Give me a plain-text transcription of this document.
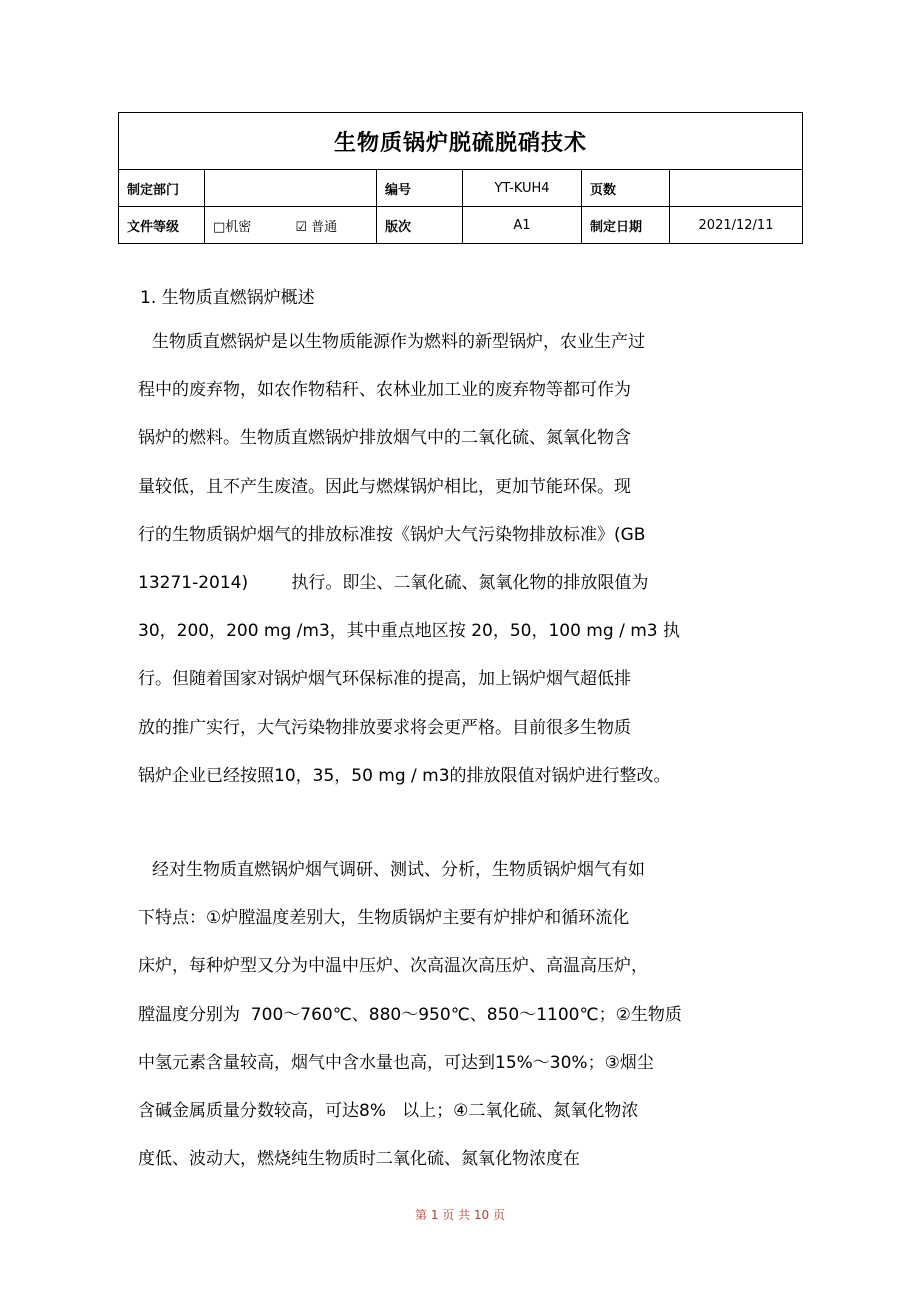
生物质锅炉脱硫脱硝技术					
制定部门		编号	YT-KUH4	页数	
文件等级	□机密 ☑ 普通	版次	A1	制定日期	2021/12/11
1. 生物质直燃锅炉概述
生物质直燃锅炉是以生物质能源作为燃料的新型锅炉，农业生产过
程中的废弃物，如农作物秸秆、农林业加工业的废弃物等都可作为
锅炉的燃料。生物质直燃锅炉排放烟气中的二氧化硫、氮氧化物含
量较低，且不产生废渣。因此与燃煤锅炉相比，更加节能环保。现
行的生物质锅炉烟气的排放标准按《锅炉大气污染物排放标准》(GB
13271-2014)        执行。即尘、二氧化硫、氮氧化物的排放限值为
30，200，200 mg /m3，其中重点地区按 20，50，100 mg / m3 执
行。但随着国家对锅炉烟气环保标准的提高，加上锅炉烟气超低排
放的推广实行，大气污染物排放要求将会更严格。目前很多生物质
锅炉企业已经按照10，35，50 mg / m3的排放限值对锅炉进行整改。
经对生物质直燃锅炉烟气调研、测试、分析，生物质锅炉烟气有如
下特点：①炉膛温度差别大，生物质锅炉主要有炉排炉和循环流化
床炉，每种炉型又分为中温中压炉、次高温次高压炉、高温高压炉，
膛温度分别为  700～760℃、880～950℃、850～1100℃；②生物质
中氢元素含量较高，烟气中含水量也高，可达到15%～30%；③烟尘
含碱金属质量分数较高，可达8%   以上；④二氧化硫、氮氧化物浓
度低、波动大，燃烧纯生物质时二氧化硫、氮氧化物浓度在
第 1 页 共 10 页
